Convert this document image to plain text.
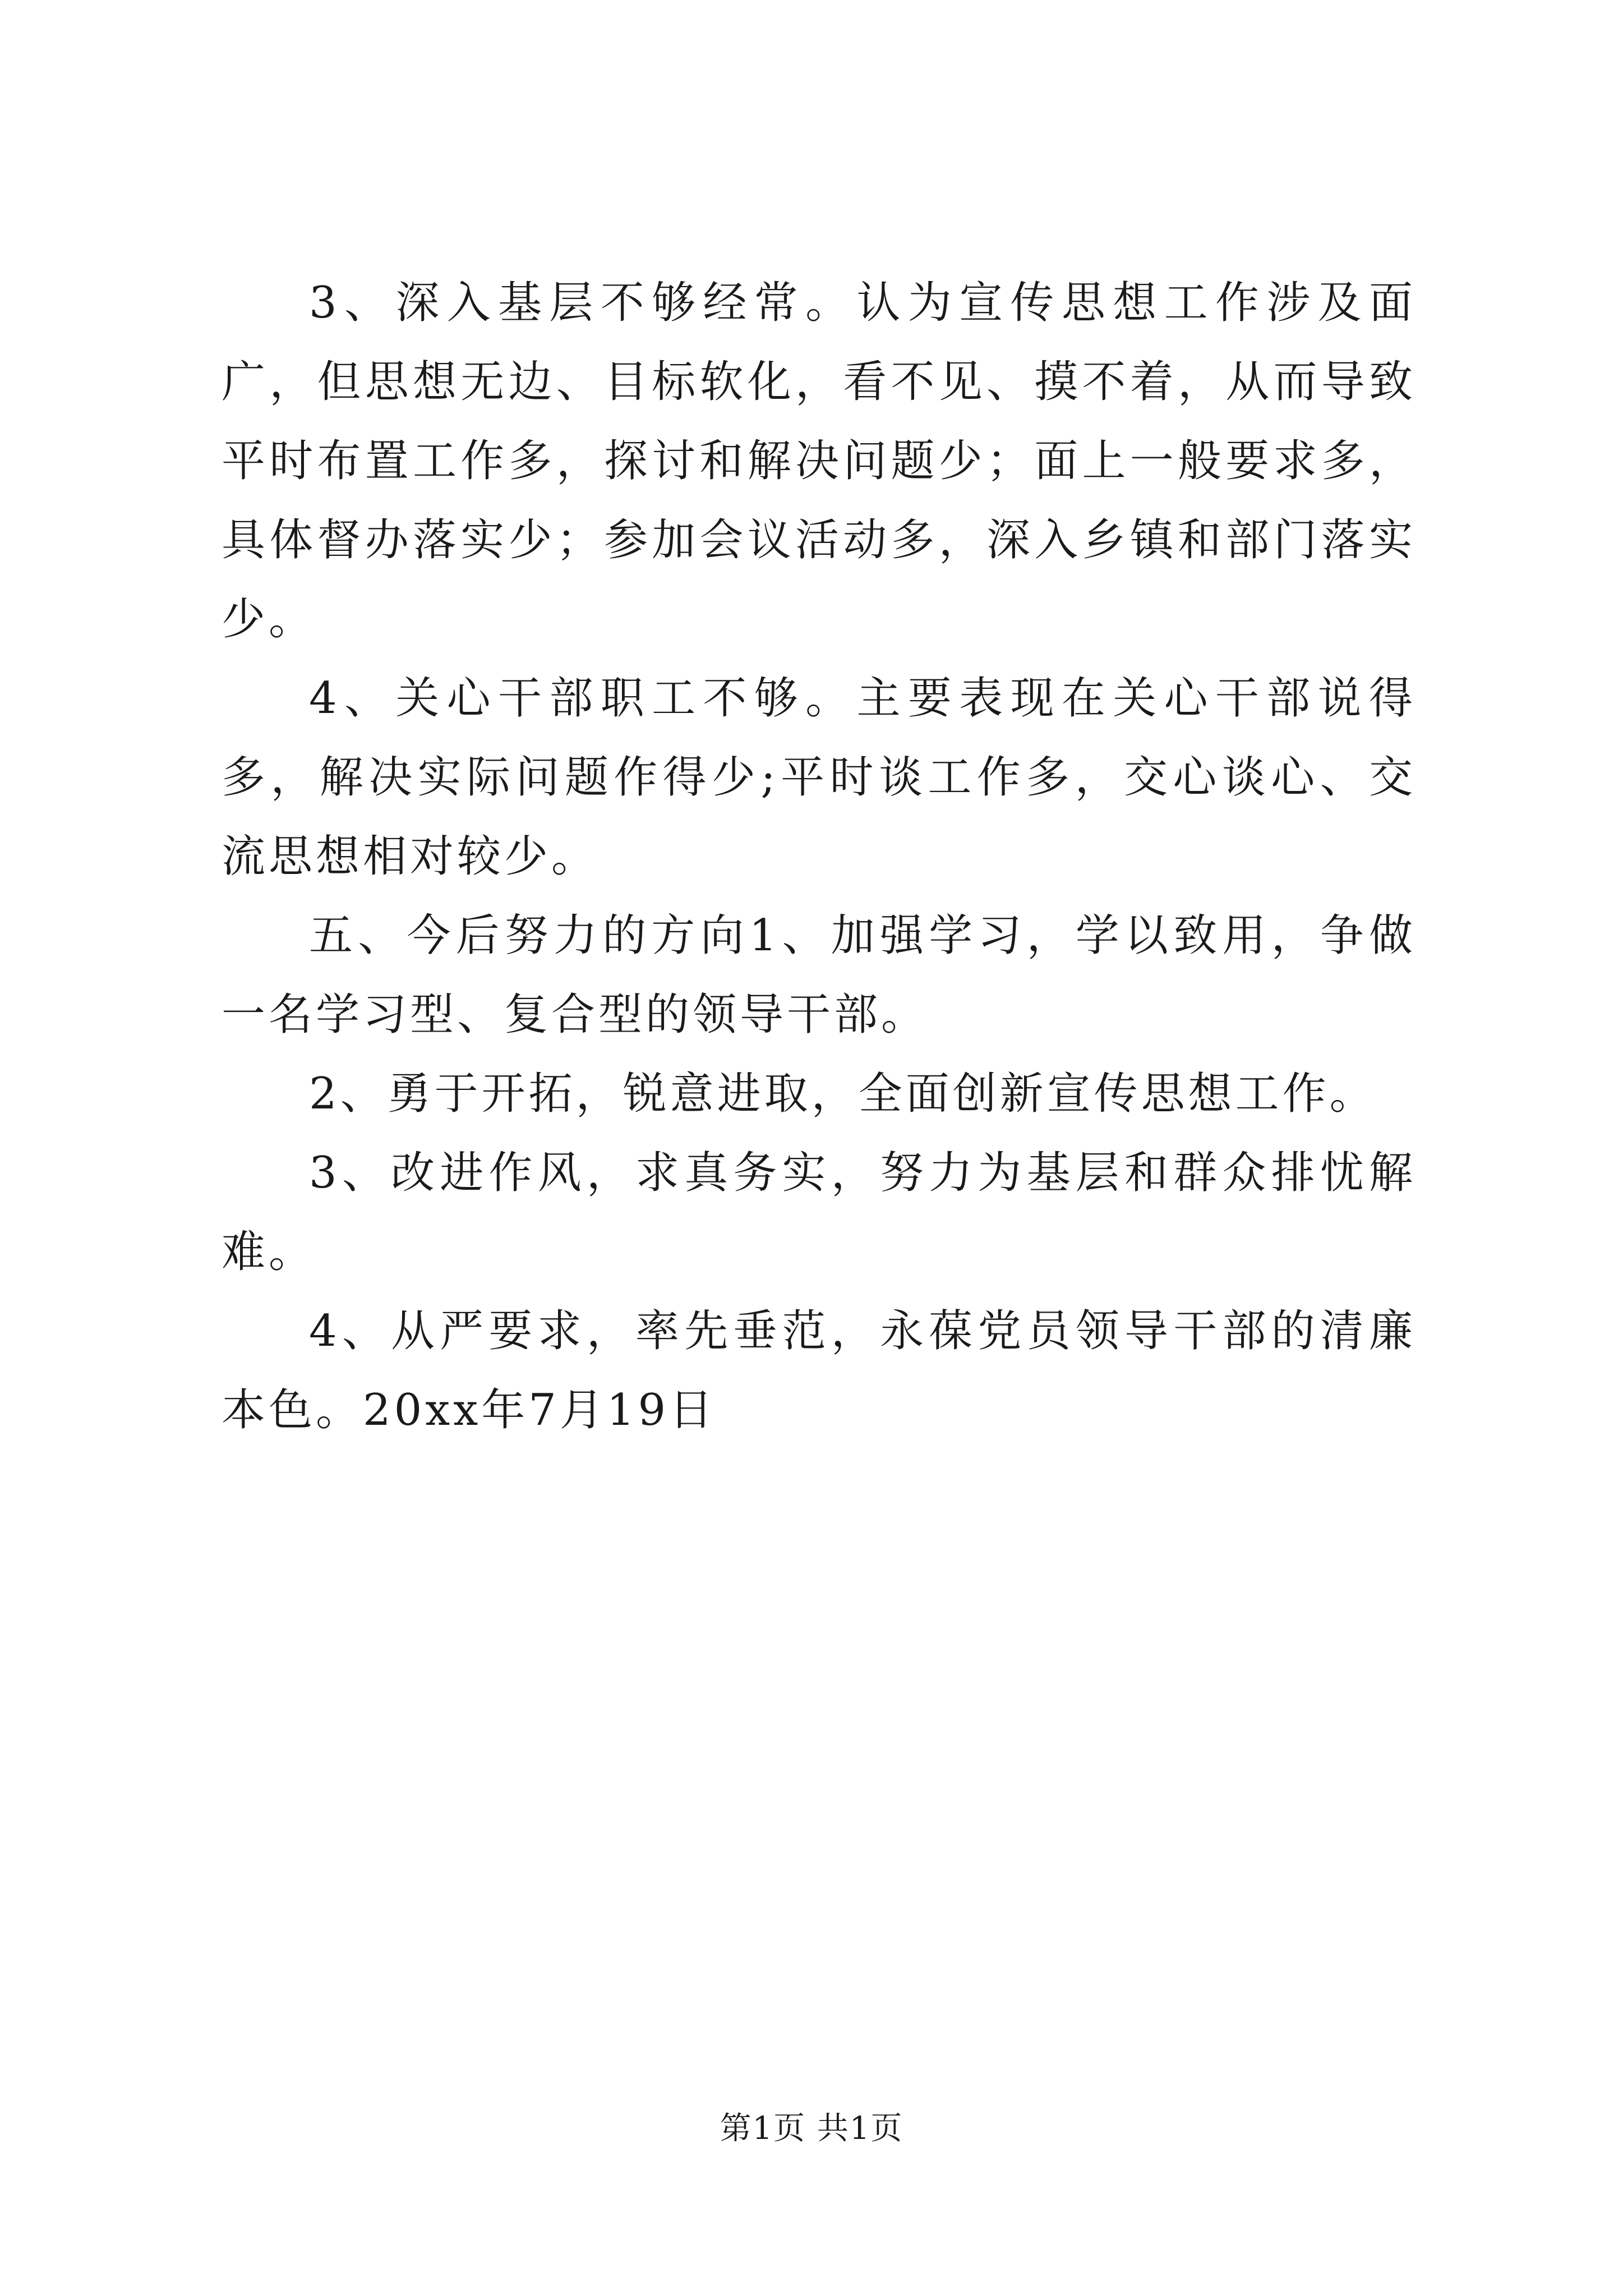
3、深入基层不够经常。认为宣传思想工作涉及面广，但思想无边、目标软化，看不见、摸不着，从而导致平时布置工作多，探讨和解决问题少；面上一般要求多，具体督办落实少；参加会议活动多，深入乡镇和部门落实少。

4、关心干部职工不够。主要表现在关心干部说得多，解决实际问题作得少;平时谈工作多，交心谈心、交流思想相对较少。

五、今后努力的方向1、加强学习，学以致用，争做一名学习型、复合型的领导干部。

2、勇于开拓，锐意进取，全面创新宣传思想工作。

3、改进作风，求真务实，努力为基层和群众排忧解难。

4、从严要求，率先垂范，永葆党员领导干部的清廉本色。20xx年7月19日

第1页 共1页
